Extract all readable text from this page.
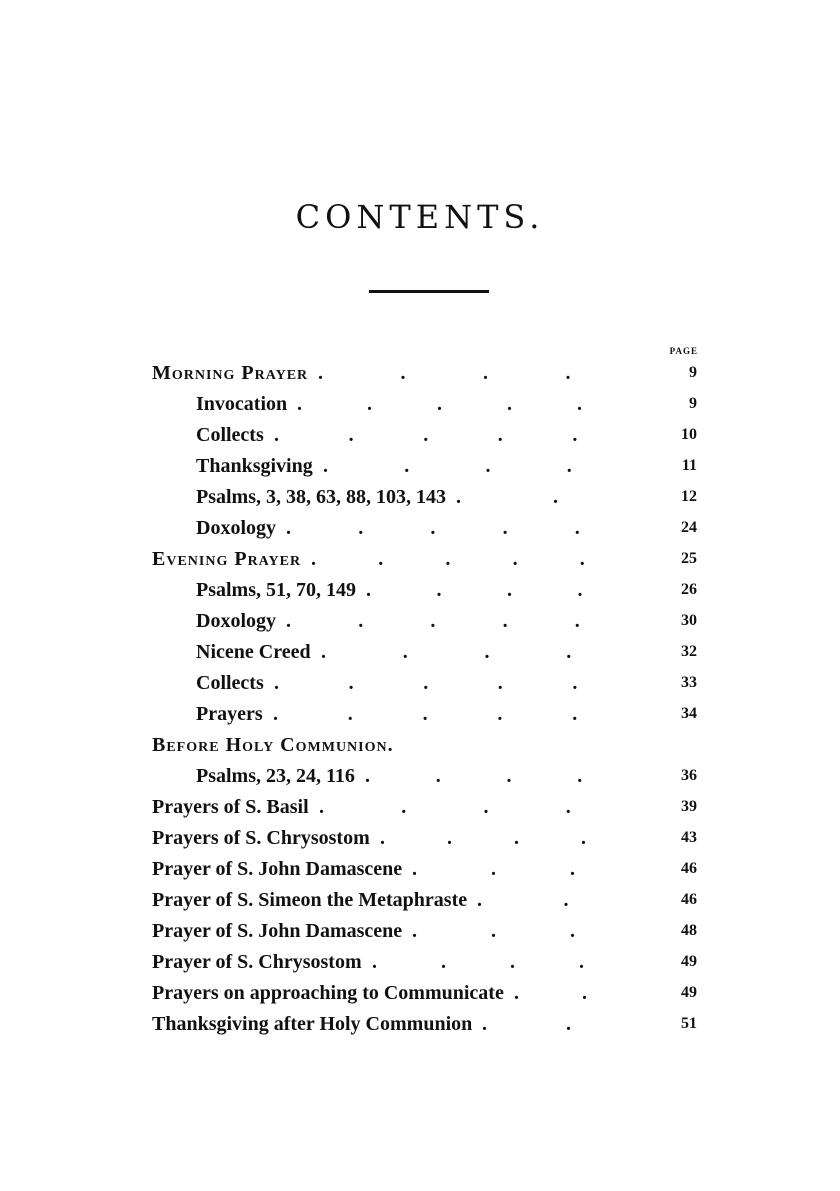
CONTENTS.
PAGE
Morning Prayer	9
....
Invocation	9
.....
Collects	10
.....
Thanksgiving	11
....
Psalms, 3, 38, 63, 88, 103, 143	12
..
Doxology	24
.....
Evening Prayer	25
.....
Psalms, 51, 70, 149	26
....
Doxology	30
.....
Nicene Creed	32
....
Collects	33
.....
Prayers	34
.....
Before Holy Communion.
Psalms, 23, 24, 116	36
....
Prayers of S. Basil	39
....
Prayers of S. Chrysostom	43
....
Prayer of S. John Damascene	46
...
Prayer of S. Simeon the Metaphraste	46
..
Prayer of S. John Damascene	48
...
Prayer of S. Chrysostom	49
....
Prayers on approaching to Communicate	49
..
Thanksgiving after Holy Communion	51
..
